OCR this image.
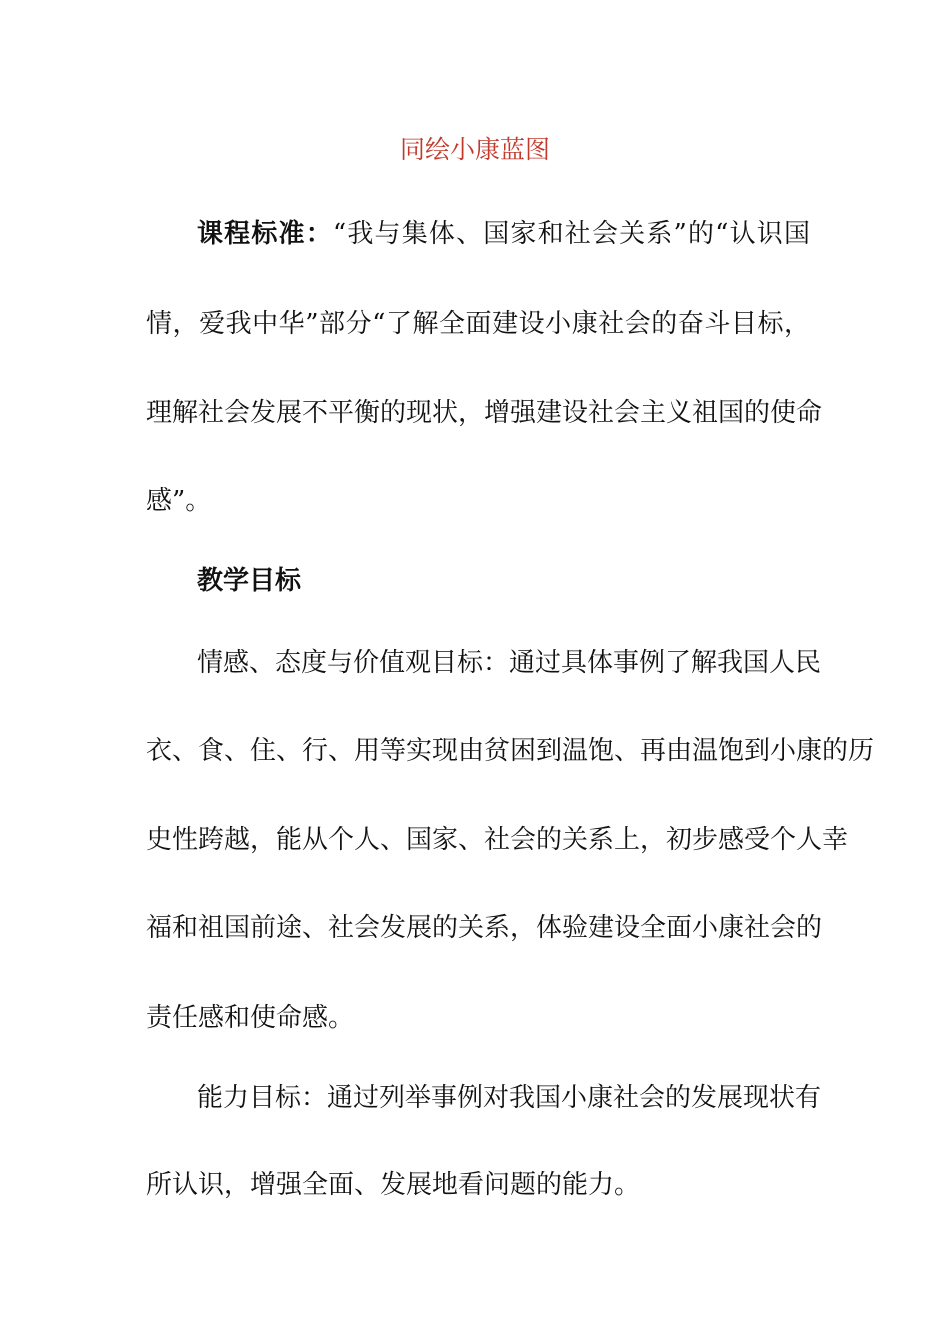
同绘小康蓝图
课程标准：“我与集体、国家和社会关系”的“认识国
情，爱我中华”部分“了解全面建设小康社会的奋斗目标，
理解社会发展不平衡的现状，增强建设社会主义祖国的使命
感”。
教学目标
情感、态度与价值观目标：通过具体事例了解我国人民
衣、食、住、行、用等实现由贫困到温饱、再由温饱到小康的历
史性跨越，能从个人、国家、社会的关系上，初步感受个人幸
福和祖国前途、社会发展的关系，体验建设全面小康社会的
责任感和使命感。
能力目标：通过列举事例对我国小康社会的发展现状有
所认识，增强全面、发展地看问题的能力。
